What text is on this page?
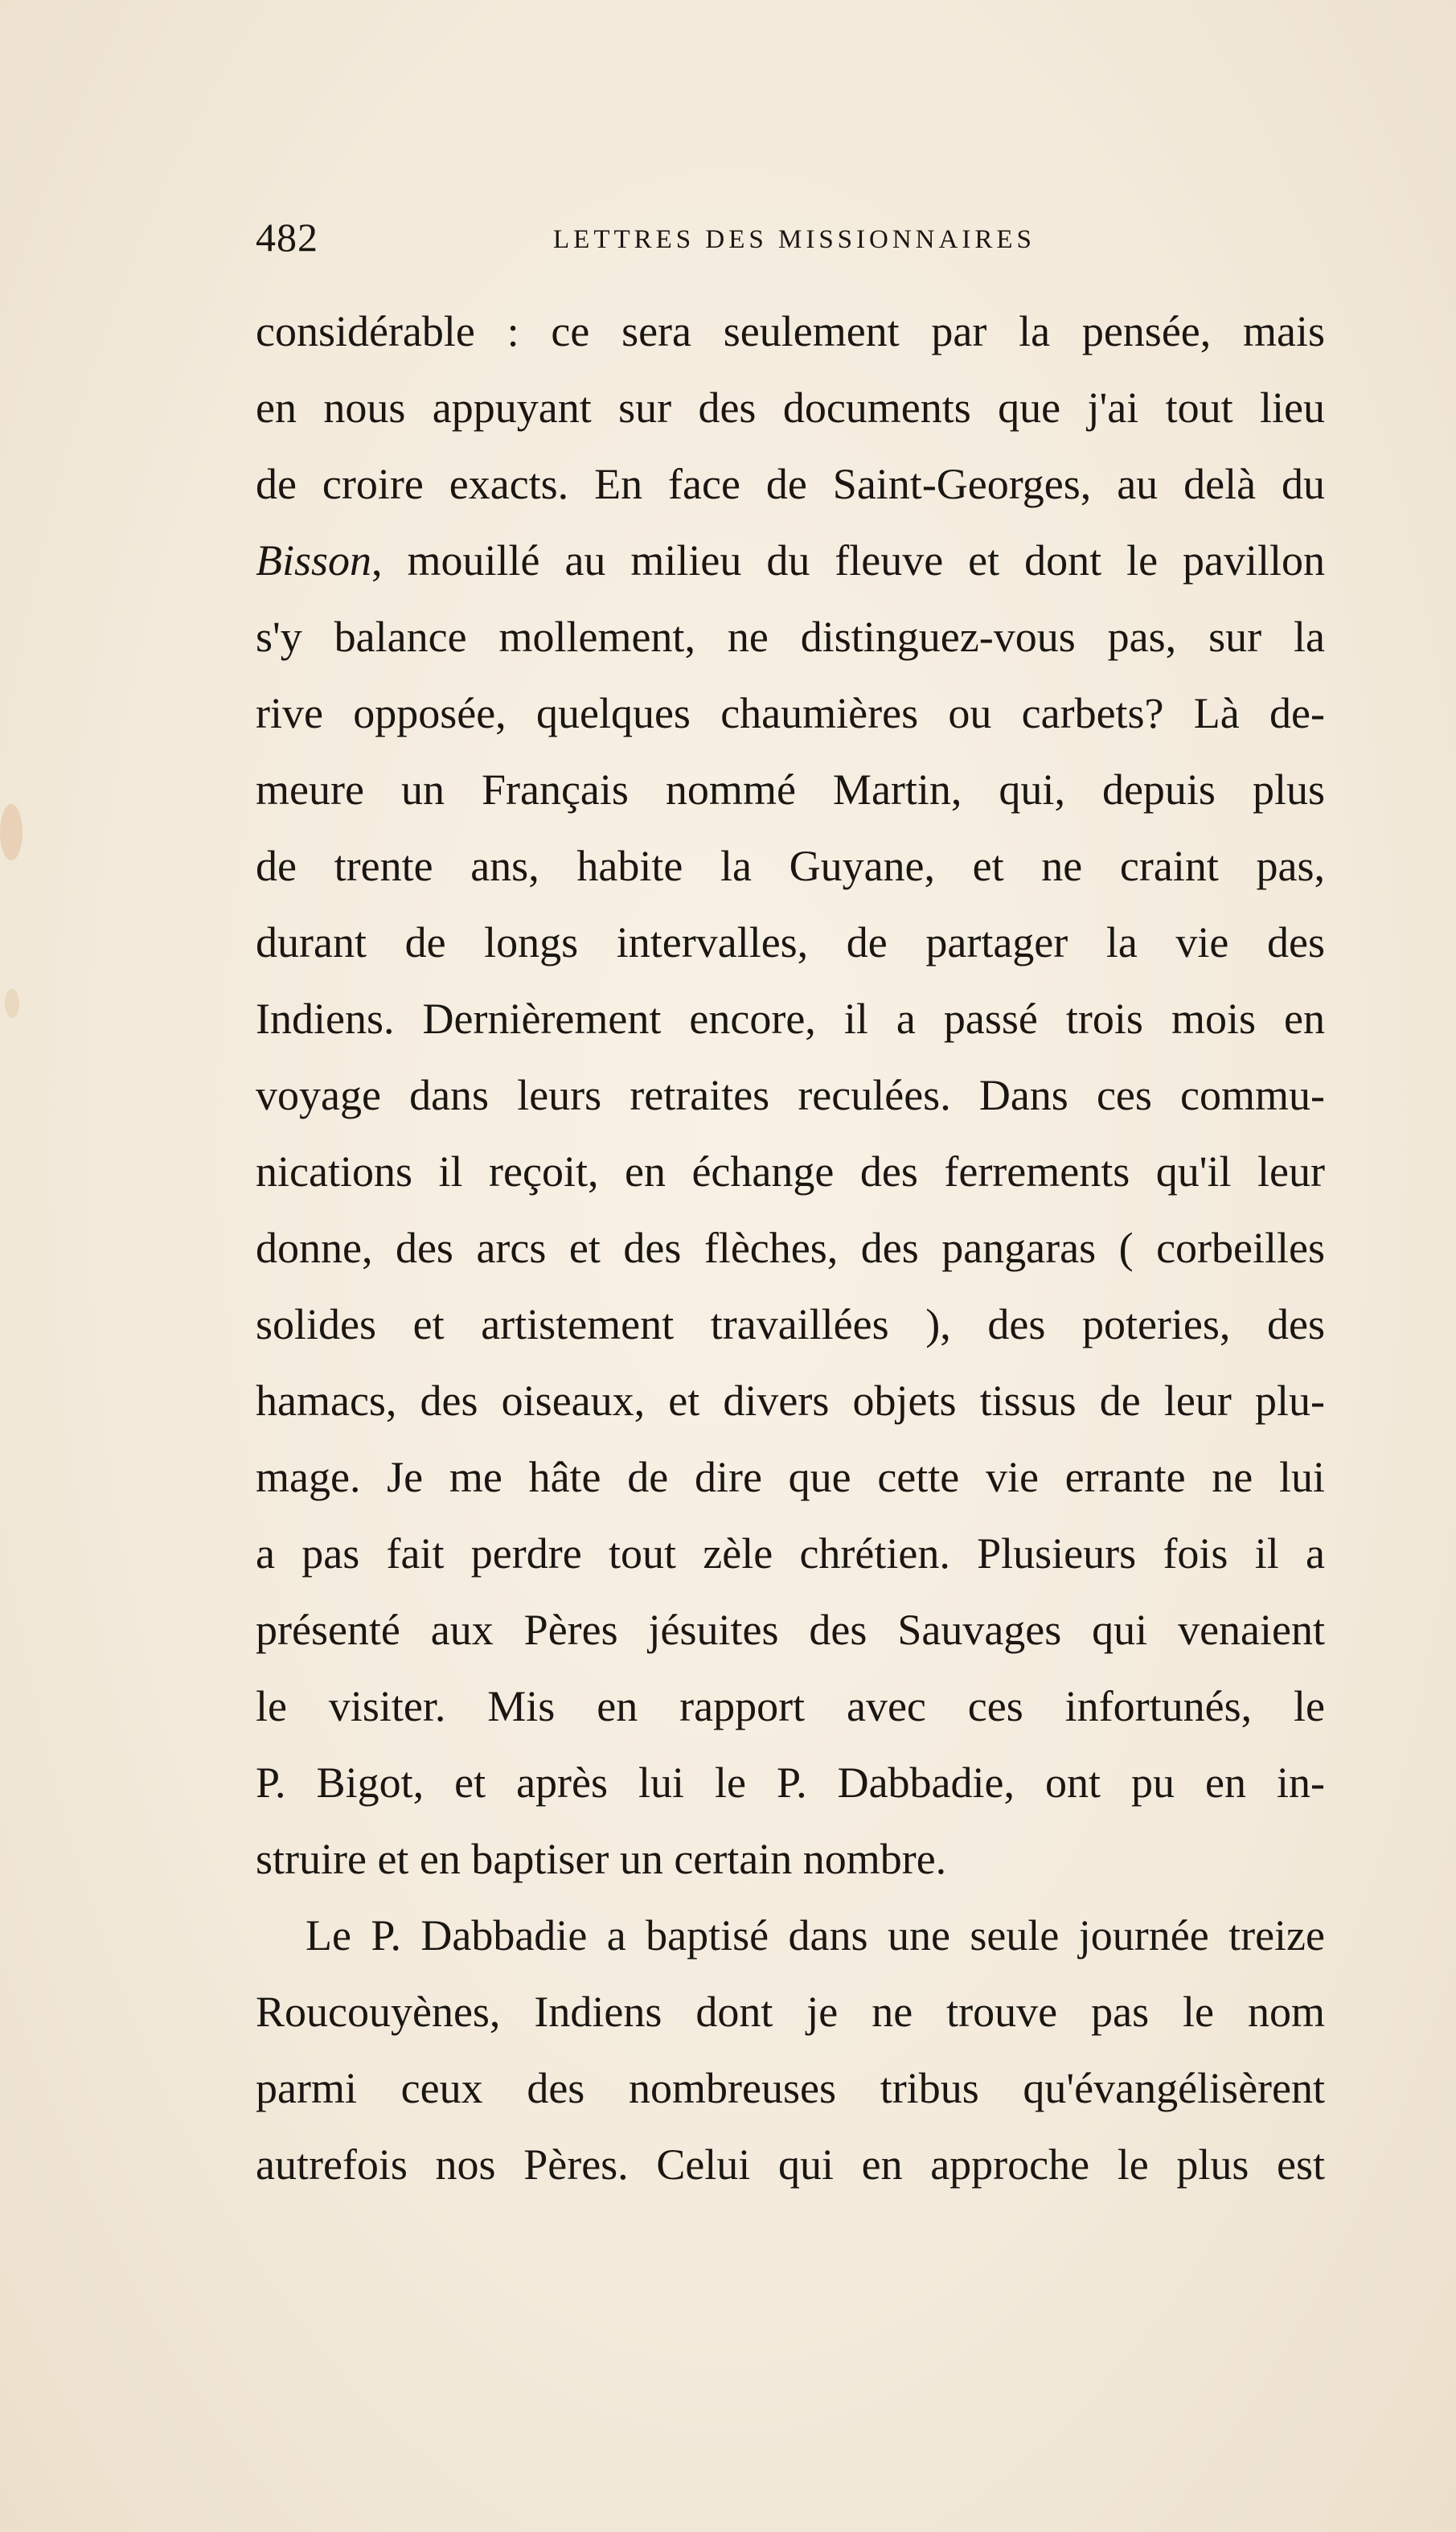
482	LETTRES DES MISSIONNAIRES
considérable : ce sera seulement par la pensée, mais
en nous appuyant sur des documents que j'ai tout lieu
de croire exacts. En face de Saint-Georges, au delà du
Bisson, mouillé au milieu du fleuve et dont le pavillon
s'y balance mollement, ne distinguez-vous pas, sur la
rive opposée, quelques chaumières ou carbets? Là de-
meure un Français nommé Martin, qui, depuis plus
de trente ans, habite la Guyane, et ne craint pas,
durant de longs intervalles, de partager la vie des
Indiens. Dernièrement encore, il a passé trois mois en
voyage dans leurs retraites reculées. Dans ces commu-
nications il reçoit, en échange des ferrements qu'il leur
donne, des arcs et des flèches, des pangaras ( corbeilles
solides et artistement travaillées ), des poteries, des
hamacs, des oiseaux, et divers objets tissus de leur plu-
mage. Je me hâte de dire que cette vie errante ne lui
a pas fait perdre tout zèle chrétien. Plusieurs fois il a
présenté aux Pères jésuites des Sauvages qui venaient
le visiter. Mis en rapport avec ces infortunés, le
P. Bigot, et après lui le P. Dabbadie, ont pu en in-
struire et en baptiser un certain nombre.
Le P. Dabbadie a baptisé dans une seule journée treize
Roucouyènes, Indiens dont je ne trouve pas le nom
parmi ceux des nombreuses tribus qu'évangélisèrent
autrefois nos Pères. Celui qui en approche le plus est
